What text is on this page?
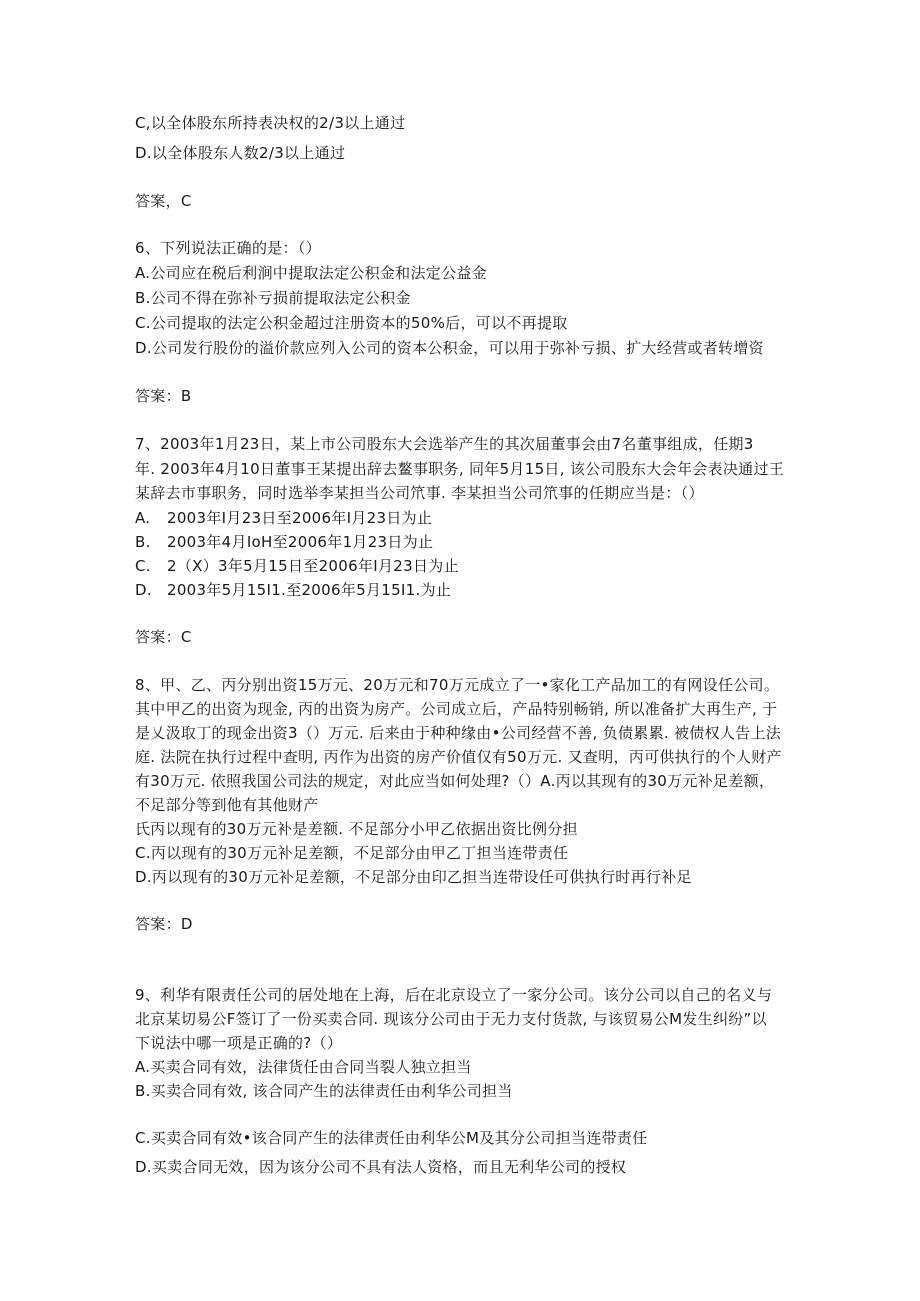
C,以全体股东所持表决权的2/3以上通过
D.以全体股东人数2/3以上通过
答案，C
6、下列说法正确的是：（）
A.公司应在税后利涧中提取法定公积金和法定公益金
B.公司不得在弥补亏损前提取法定公积金
C.公司提取的法定公积金超过注册资本的50%后，可以不再提取
D.公司发行股份的溢价款应列入公司的资本公积金，可以用于弥补亏损、扩大经营或者转增资
答案：B
7、2003年1月23日，某上市公司股东大会选举产生的其次届董事会由7名董事组成，任期3
年. 2003年4月10日董事王某提出辞去鳌事职务, 同年5月15日, 该公司股东大会年会表决通过王
某辞去市事职务，同时选举李某担当公司笊事. 李某担当公司笊事的任期应当是：（）
A. 2003年I月23日至2006年I月23日为止
B. 2003年4月IoH至2006年1月23日为止
C. 2（X）3年5月15日至2006年I月23日为止
D. 2003年5月15I1.至2006年5月15I1.为止
答案：C
8、甲、乙、丙分别出资15万元、20万元和70万元成立了一•家化工产品加工的有网设任公司。
其中甲乙的出资为现金, 丙的出资为房产。公司成立后，产品特别畅销, 所以准备扩大再生产, 于
是乂汲取丁的现金出资3（）万元. 后来由于种种缘由•公司经营不善, 负债累累. 被债权人告上法
庭. 法院在执行过程中查明, 丙作为出资的房产价值仅有50万元. 又查明，丙可供执行的个人财产
有30万元. 依照我国公司法的规定，对此应当如何处理?（）A.丙以其现有的30万元补足差额，
不足部分等到他有其他财产
氏丙以现有的30万元补是差额. 不足部分小甲乙依据出资比例分担
C.丙以现有的30万元补足差额，不足部分由甲乙丁担当连带责任
D.丙以现有的30万元补足差额，不足部分由印乙担当连带设任可供执行时再行补足
答案：D
9、利华有限责任公司的居处地在上海，后在北京设立了一家分公司。该分公司以自己的名义与
北京某切易公F签订了一份买卖合同. 现该分公司由于无力支付货款, 与该贸易公M发生纠纷”以
下说法中哪一项是正确的?（）
A.买卖合同有效，法律货任由合同当裂人独立担当
B.买卖合同有效, 该合同产生的法律责任由利华公司担当
C.买卖合同有效•该合同产生的法律责任由利华公M及其分公司担当连带责任
D.买卖合同无效，因为该分公司不具有法人资格，而且无利华公司的授权
